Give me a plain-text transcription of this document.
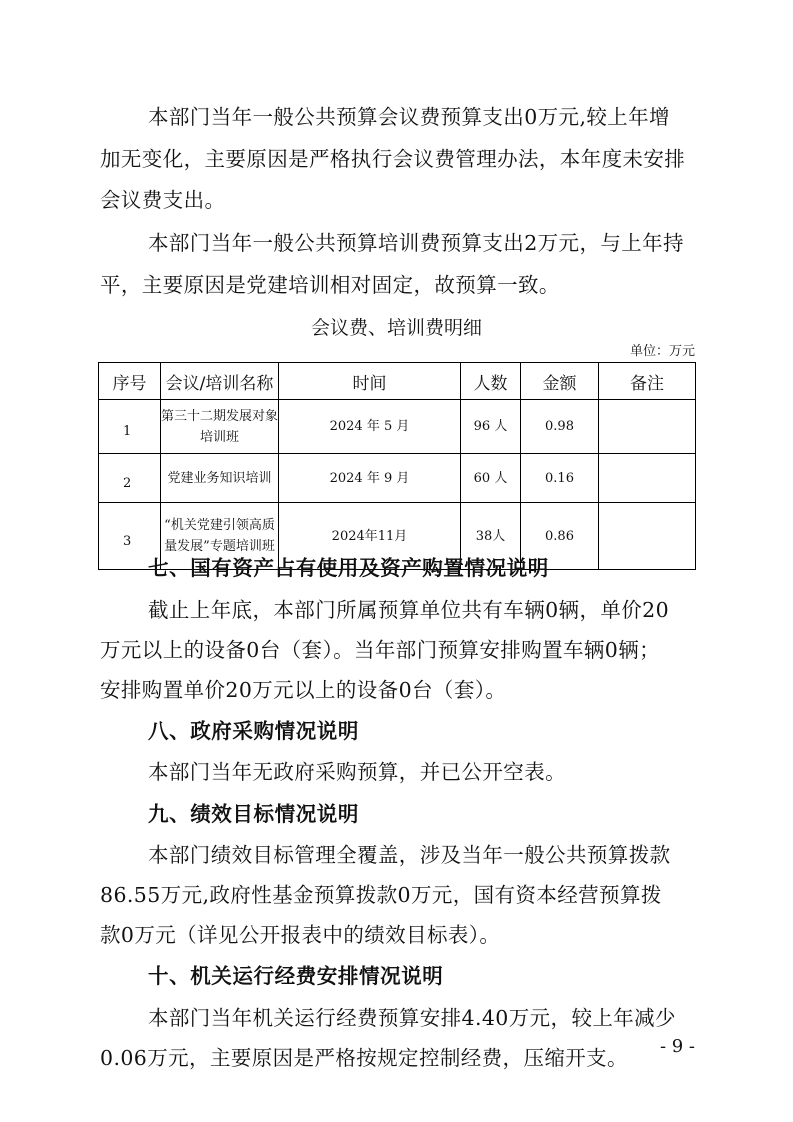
本部门当年一般公共预算会议费预算支出0万元,较上年增
加无变化，主要原因是严格执行会议费管理办法，本年度未安排
会议费支出。
本部门当年一般公共预算培训费预算支出2万元，与上年持
平，主要原因是党建培训相对固定，故预算一致。
会议费、培训费明细
单位：万元
序号	会议/培训名称	时间	人数	金额	备注
1	第三十二期发展对象
培训班	2024 年 5 月	96 人	0.98	
2	党建业务知识培训	2024 年 9 月	60 人	0.16	
3	“机关党建引领高质
量发展”专题培训班	2024年11月	38人	0.86	
七、国有资产占有使用及资产购置情况说明
截止上年底，本部门所属预算单位共有车辆0辆，单价20
万元以上的设备0台（套）。当年部门预算安排购置车辆0辆；
安排购置单价20万元以上的设备0台（套）。
八、政府采购情况说明
本部门当年无政府采购预算，并已公开空表。
九、绩效目标情况说明
本部门绩效目标管理全覆盖，涉及当年一般公共预算拨款
86.55万元,政府性基金预算拨款0万元，国有资本经营预算拨
款0万元（详见公开报表中的绩效目标表）。
十、机关运行经费安排情况说明
本部门当年机关运行经费预算安排4.40万元，较上年减少
0.06万元，主要原因是严格按规定控制经费，压缩开支。 - 9 -
